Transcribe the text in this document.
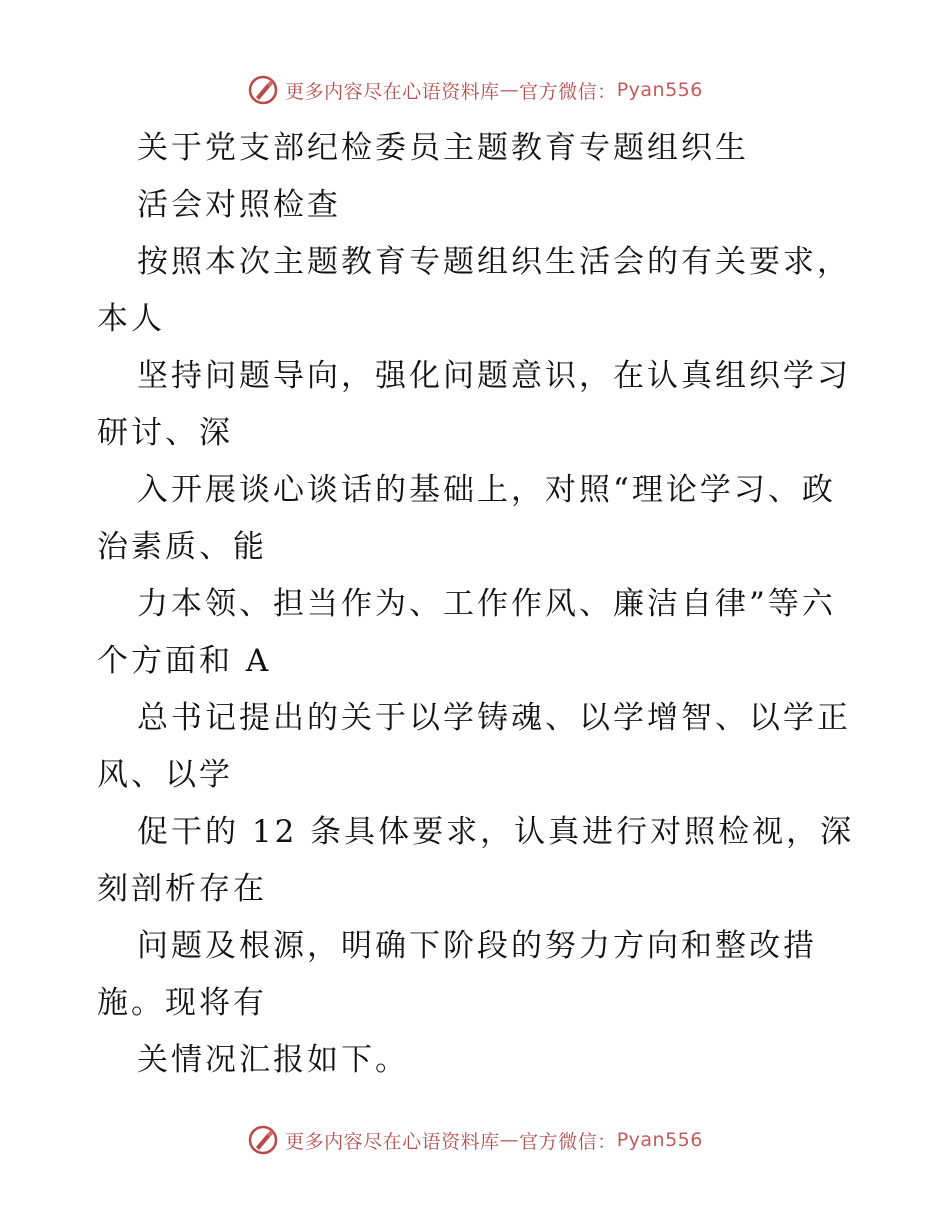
更多内容尽在心语资料库 — 官方微信： Pyan556
关于党支部纪检委员主题教育专题组织生
活会对照检查
按照本次主题教育专题组织生活会的有关要求，
本人
坚持问题导向，强化问题意识，在认真组织学习
研讨、深
入开展谈心谈话的基础上，对照“理论学习、政
治素质、能
力本领、担当作为、工作作风、廉洁自律”等六
个方面和 A
总书记提出的关于以学铸魂、以学增智、以学正
风、以学
促干的 12 条具体要求，认真进行对照检视，深
刻剖析存在
问题及根源，明确下阶段的努力方向和整改措
施。现将有
关情况汇报如下。
更多内容尽在心语资料库 — 官方微信： Pyan556
